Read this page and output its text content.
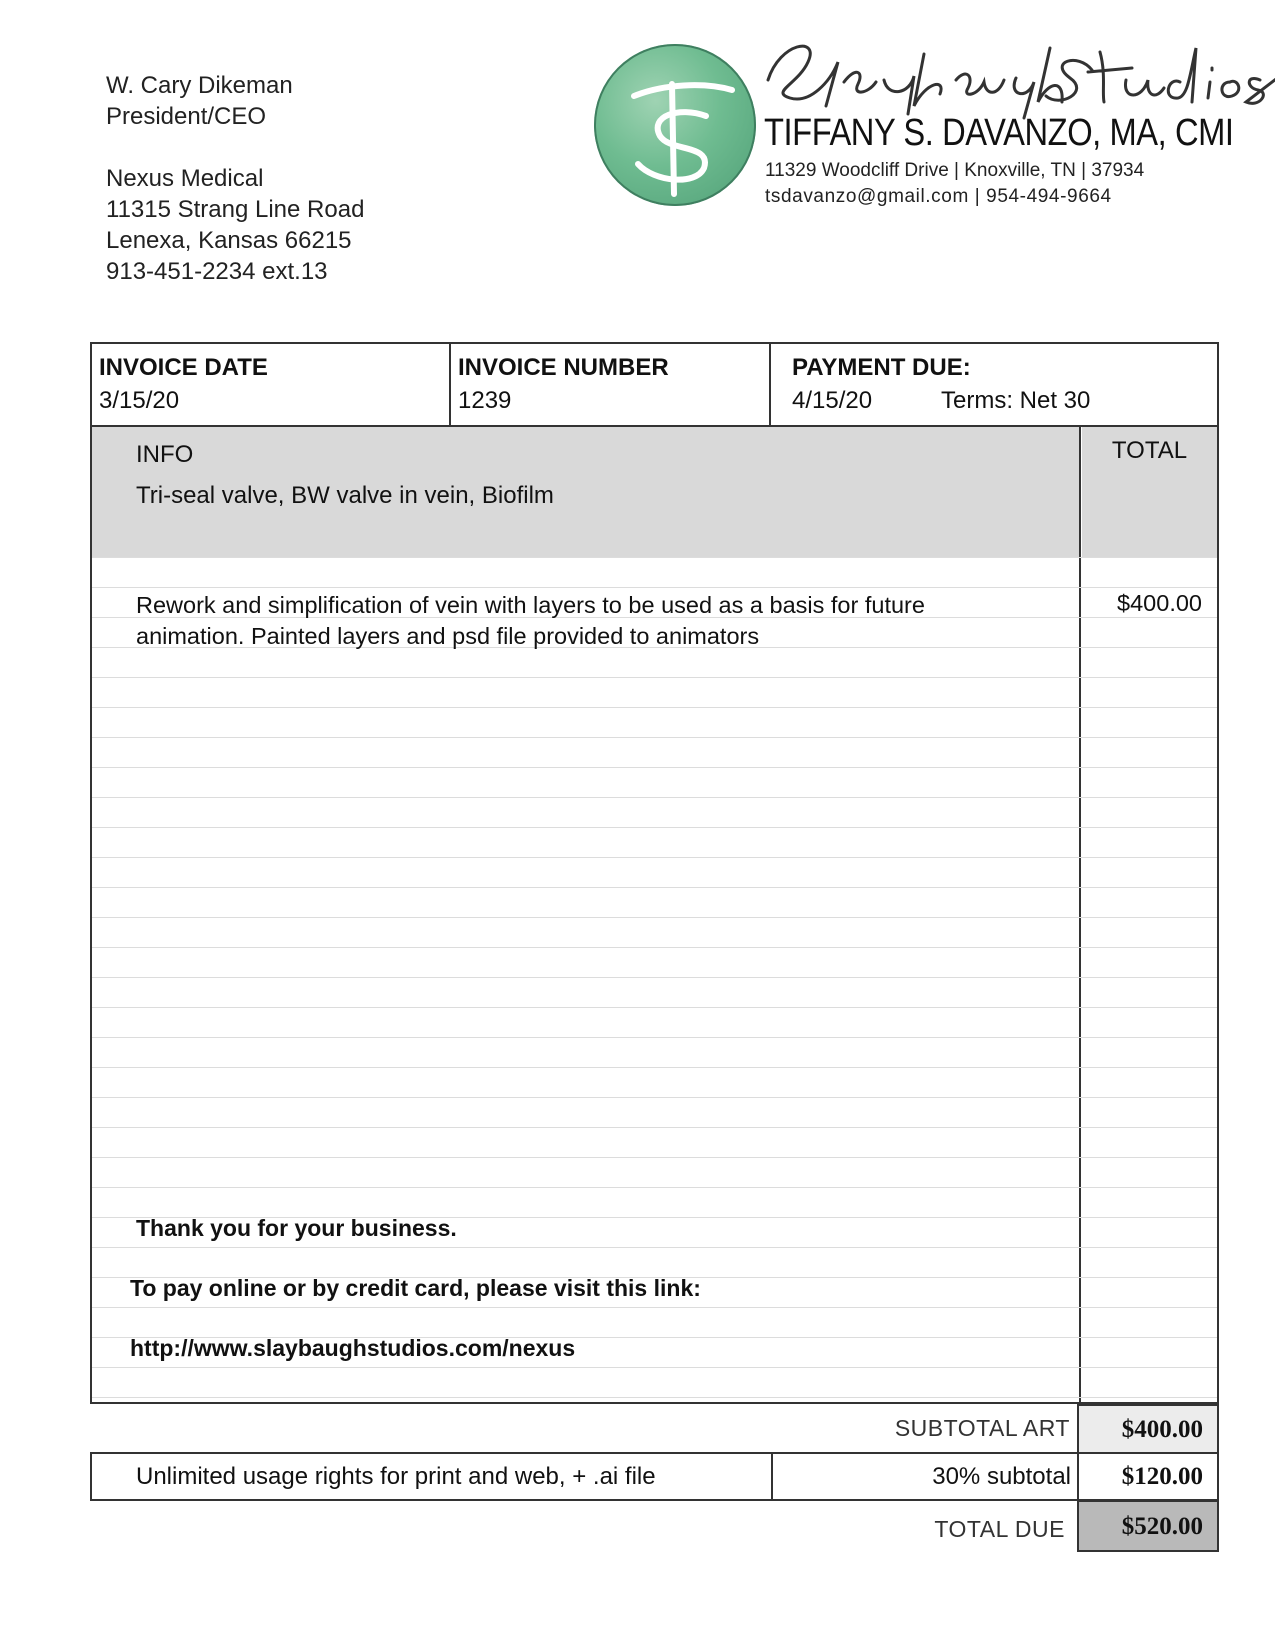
W. Cary Dikeman
President/CEO
Nexus Medical
11315 Strang Line Road
Lenexa, Kansas 66215
913-451-2234 ext.13
TIFFANY S. DAVANZO, MA, CMI
11329 Woodcliff Drive | Knoxville, TN | 37934
tsdavanzo@gmail.com | 954-494-9664
INVOICE DATE
3/15/20
INVOICE NUMBER
1239
PAYMENT DUE:
4/15/20	Terms: Net 30
INFO
Tri-seal valve, BW valve in vein, Biofilm
TOTAL
Rework and simplification of vein with layers to be used as a basis for future
animation. Painted layers and psd file provided to animators
$400.00
Thank you for your business.
To pay online or by credit card, please visit this link:
http://www.slaybaughstudios.com/nexus
SUBTOTAL ART $400.00
Unlimited usage rights for print and web, + .ai file	30% subtotal $120.00
TOTAL DUE $520.00
